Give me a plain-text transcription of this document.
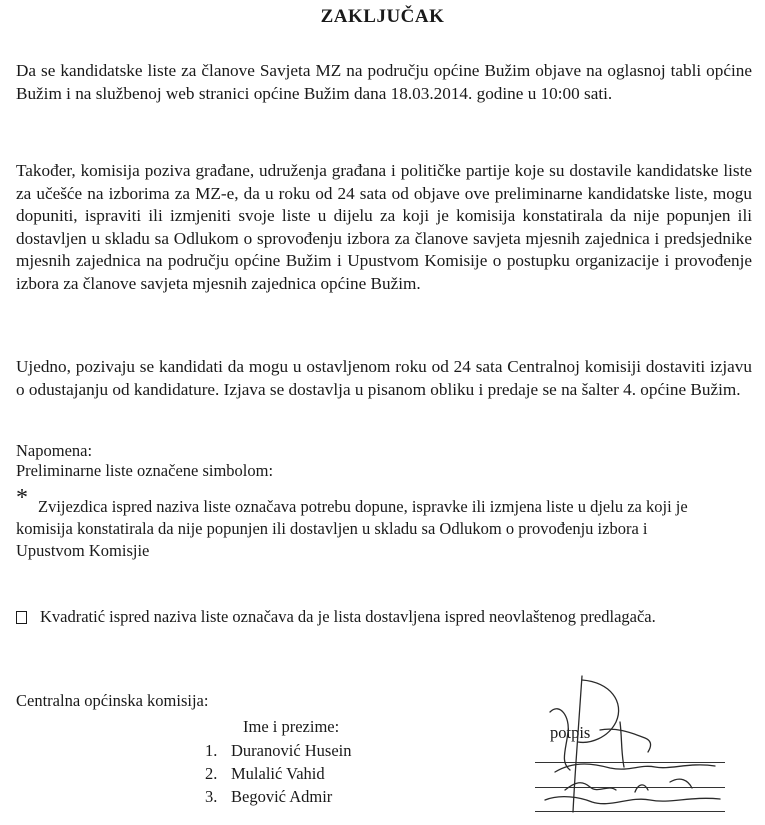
ZAKLJUČAK
Da se kandidatske liste za članove Savjeta MZ na području općine Bužim objave na oglasnoj tabli općine Bužim i na službenoj web stranici općine Bužim dana 18.03.2014. godine u 10:00 sati.
Također, komisija poziva građane, udruženja građana i političke partije koje su dostavile kandidatske liste za učešće na izborima za MZ-e, da u roku od 24 sata od objave ove preliminarne kandidatske liste, mogu dopuniti, ispraviti ili izmjeniti svoje liste u dijelu za koji je komisija konstatirala da nije popunjen ili dostavljen u skladu sa Odlukom o sprovođenju izbora za članove savjeta mjesnih zajednica i predsjednike mjesnih zajednica na području općine Bužim i Upustvom Komisije o postupku organizacije i provođenje izbora za članove savjeta mjesnih zajednica općine Bužim.
Ujedno, pozivaju se kandidati da mogu u ostavljenom roku od 24 sata Centralnoj komisiji dostaviti izjavu o odustajanju od kandidature. Izjava se dostavlja u pisanom obliku i predaje se na šalter 4. općine Bužim.
Napomena:
Preliminarne liste označene simbolom:
* Zvijezdica ispred naziva liste označava potrebu dopune, ispravke ili izmjena liste u djelu za koji je komisija konstatirala da nije popunjen ili dostavljen u skladu sa Odlukom o provođenju izbora i Upustvom Komisjie
Kvadratić ispred naziva liste označava da je lista dostavljena ispred neovlaštenog predlagača.
Centralna općinska komisija:
Ime i prezime:
1. Duranović Husein
2. Mulalić Vahid
3. Begović Admir
potpis
